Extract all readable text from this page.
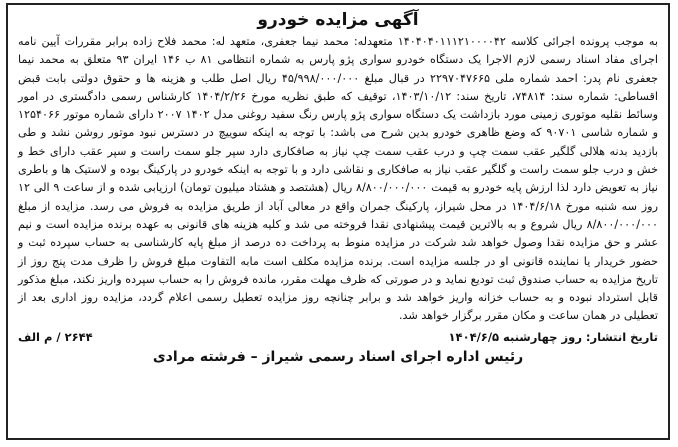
آگهی مزایده خودرو
به موجب پرونده اجرائی کلاسه ۱۴۰۴۰۴۰۱۱۱۲۱۰۰۰۰۴۲ متعهدله: محمد نیما جعفری، متعهد له: محمد فلاح زاده برابر مقررات آیین نامه اجرای مفاد اسناد رسمی لازم الاجرا یک دستگاه خودرو سواری پژو پارس به شماره انتظامی ۸۱ ب ۱۴۶ ایران ۹۳ متعلق به محمد نیما جعفری نام پدر: احمد شماره ملی ۲۲۹۷۰۴۷۶۶۵ در قبال مبلغ ۴۵/۹۹۸/۰۰۰/۰۰۰ ریال اصل طلب و هزینه ها و حقوق دولتی بابت قبض اقساطی: شماره سند: ۷۴۸۱۴، تاریخ سند: ۱۴۰۳/۱۰/۱۲، توقیف که طبق نظریه مورخ ۱۴۰۴/۲/۲۶ کارشناس رسمی دادگستری در امور وسائط نقلیه موتوری زمینی مورد بازداشت یک دستگاه سواری پژو پارس رنگ سفید روغنی مدل ۱۴۰۲ ۲۰۰۷ دارای شماره موتور ۱۲۵۴۰۶۶ و شماره شاسی ۹۰۷۰۱ که وضع ظاهری خودرو بدین شرح می باشد: با توجه به اینکه سوییچ در دسترس نبود موتور روشن نشد و طی بازدید بدنه هلالی گلگیر عقب سمت چپ و درب عقب سمت چپ نیاز به صافکاری دارد سپر جلو سمت راست و سپر عقب دارای خط و خش و درب جلو سمت راست و گلگیر عقب نیاز به صافکاری و نقاشی دارد و با توجه به اینکه خودرو در پارکینگ بوده و لاستیک ها و باطری نیاز به تعویض دارد لذا ارزش پایه خودرو به قیمت ۸/۸۰۰/۰۰۰/۰۰۰ ریال (هشتصد و هشتاد میلیون تومان) ارزیابی شده و از ساعت ۹ الی ۱۲ روز سه شنبه مورخ ۱۴۰۴/۶/۱۸ در محل شیراز، پارکینگ جمران واقع در معالی آباد از طریق مزایده به فروش می رسد. مزایده از مبلغ ۸/۸۰۰/۰۰۰/۰۰۰ ریال شروع و به بالاترین قیمت پیشنهادی نقدا فروخته می شد و کلیه هزینه های قانونی به عهده برنده مزایده است و نیم عشر و حق مزایده نقدا وصول خواهد شد شرکت در مزایده منوط به پرداخت ده درصد از مبلغ پایه کارشناسی به حساب سپرده ثبت و حضور خریدار یا نماینده قانونی او در جلسه مزایده است. برنده مزایده مکلف است مابه التفاوت مبلغ فروش را ظرف مدت پنج روز از تاریخ مزایده به حساب صندوق ثبت تودیع نماید و در صورتی که ظرف مهلت مقرر، مانده فروش را به حساب سپرده واریز نکند، مبلغ مذکور قابل استرداد نبوده و به حساب خزانه واریز خواهد شد و برابر چنانچه روز مزایده تعطیل رسمی اعلام گردد، مزایده روز اداری بعد از تعطیلی در همان ساعت و مکان مقرر برگزار خواهد شد.
تاریخ انتشار: روز چهارشنبه ۱۴۰۴/۶/۵
۲۶۴۴ / م الف
رئیس اداره اجرای اسناد رسمی شیراز – فرشته مرادی
